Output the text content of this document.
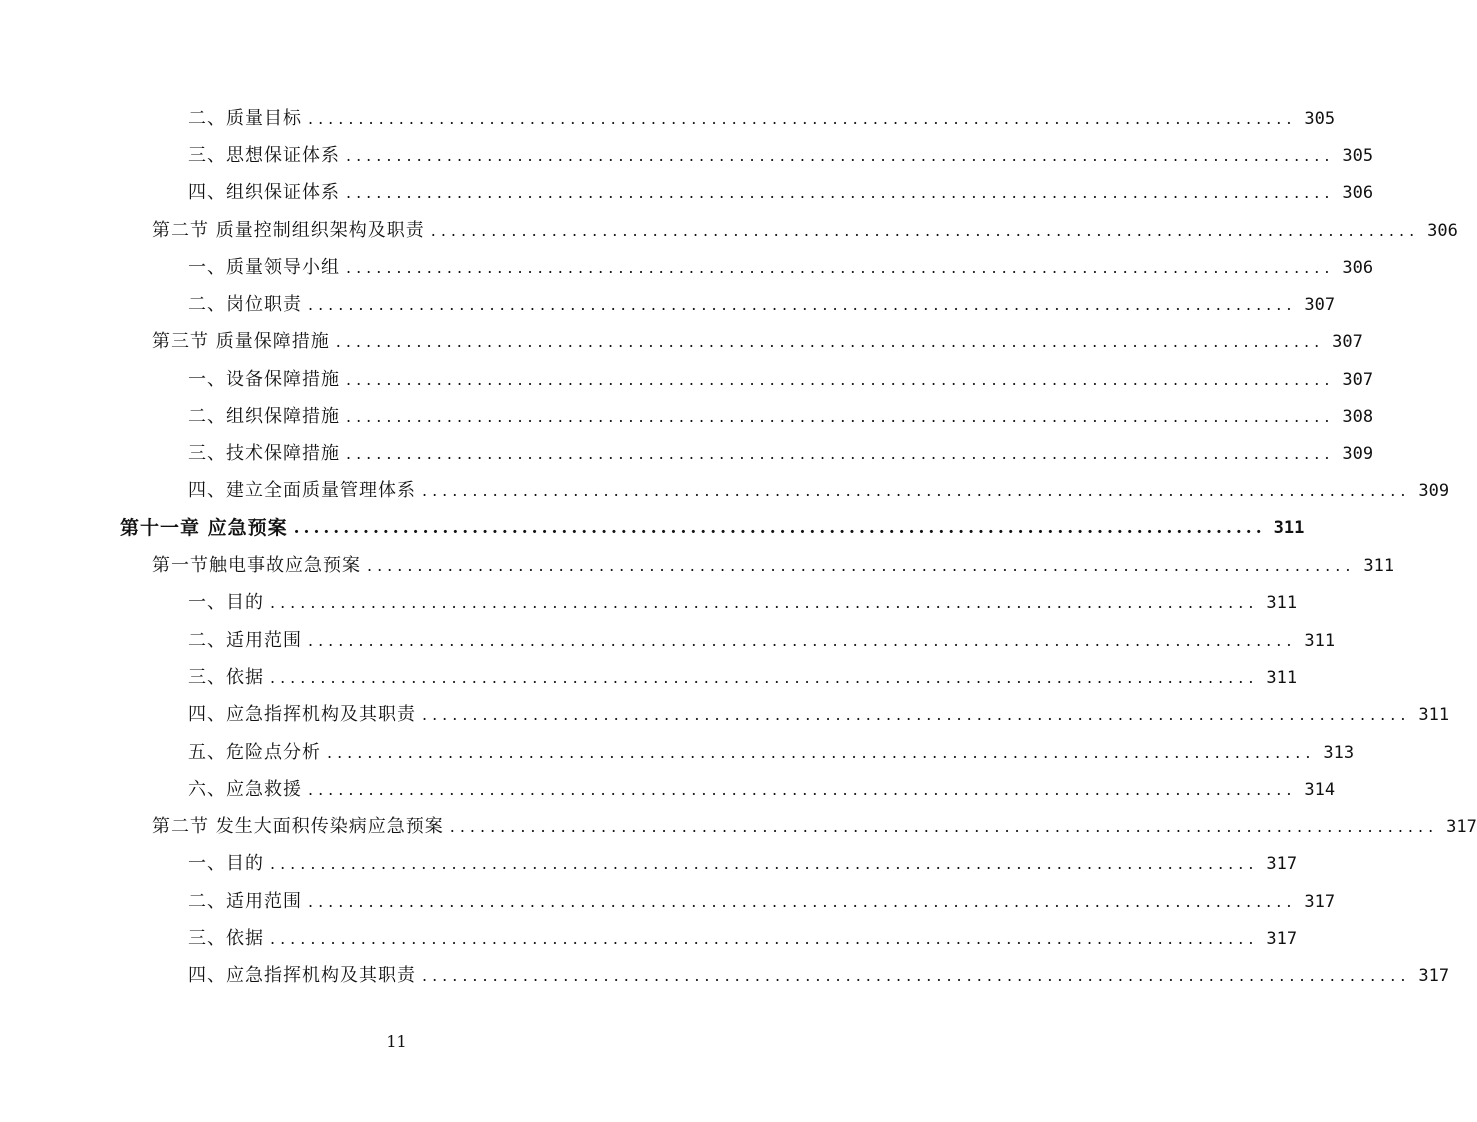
二、质量目标 .................................................................................................. 305
三、思想保证体系 .................................................................................................. 305
四、组织保证体系 .................................................................................................. 306
第二节 质量控制组织架构及职责 .................................................................................................. 306
一、质量领导小组 .................................................................................................. 306
二、岗位职责 .................................................................................................. 307
第三节 质量保障措施 .................................................................................................. 307
一、设备保障措施 .................................................................................................. 307
二、组织保障措施 .................................................................................................. 308
三、技术保障措施 .................................................................................................. 309
四、建立全面质量管理体系 .................................................................................................. 309
第十一章 应急预案 .................................................................................................. 311
第一节触电事故应急预案 .................................................................................................. 311
一、目的 .................................................................................................. 311
二、适用范围 .................................................................................................. 311
三、依据 .................................................................................................. 311
四、应急指挥机构及其职责 .................................................................................................. 311
五、危险点分析 .................................................................................................. 313
六、应急救援 .................................................................................................. 314
第二节 发生大面积传染病应急预案 .................................................................................................. 317
一、目的 .................................................................................................. 317
二、适用范围 .................................................................................................. 317
三、依据 .................................................................................................. 317
四、应急指挥机构及其职责 .................................................................................................. 317
11
